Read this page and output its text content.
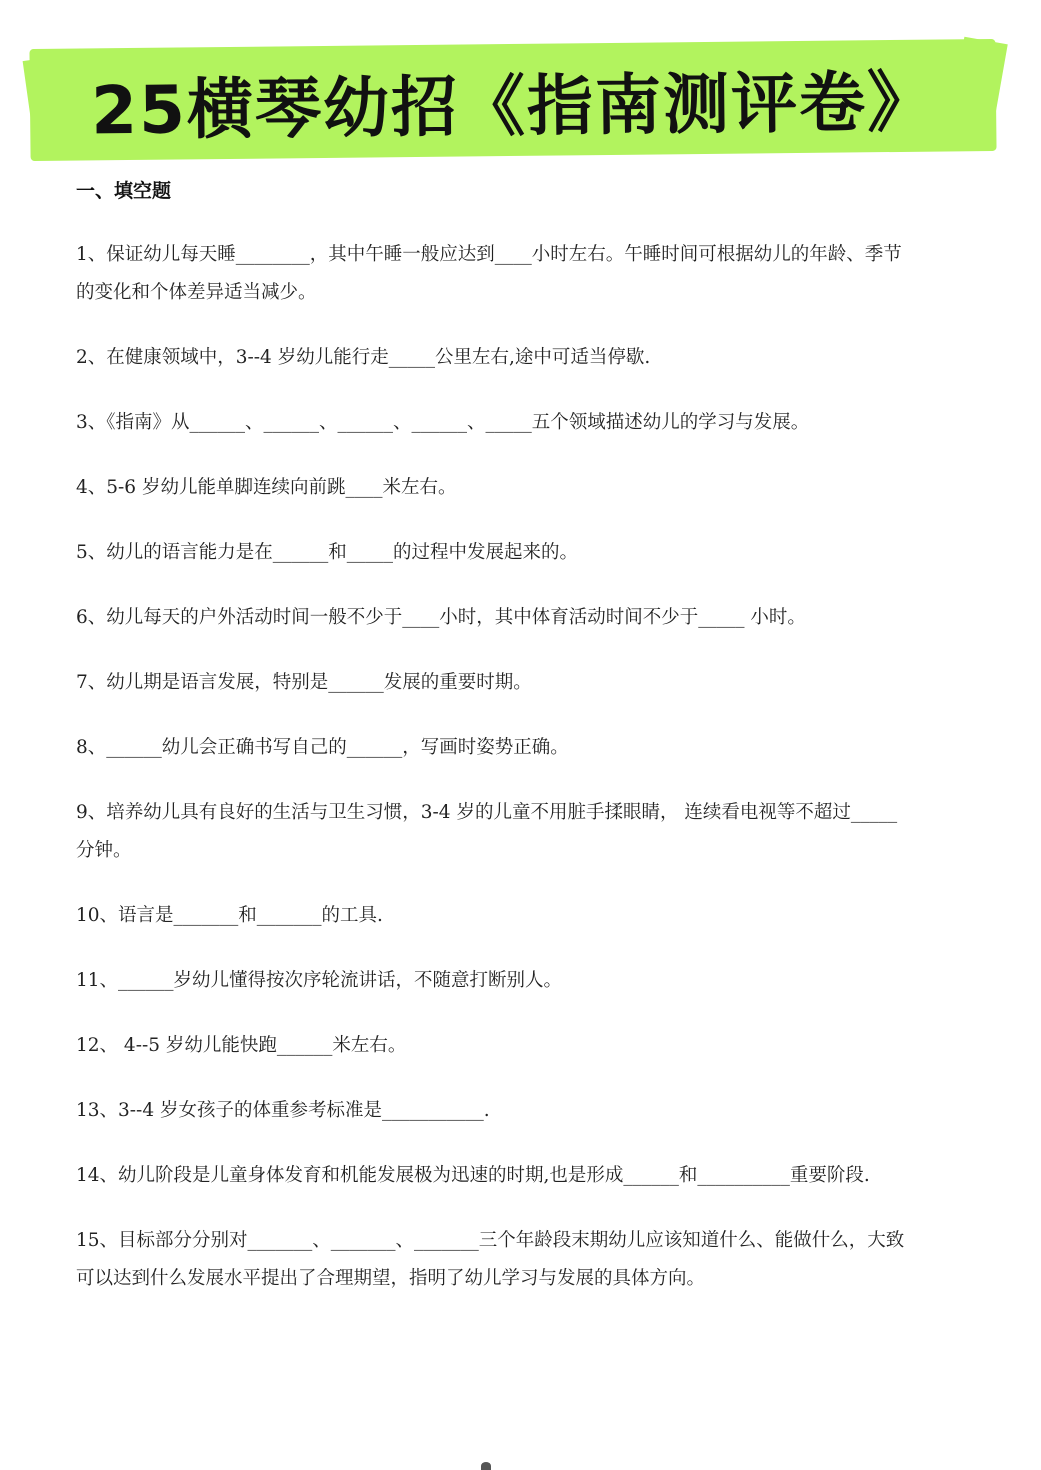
25横琴幼招《指南测评卷》
一、填空题
1、保证幼儿每天睡________，其中午睡一般应达到____小时左右。午睡时间可根据幼儿的年龄、季节的变化和个体差异适当减少。
2、在健康领域中，3--4 岁幼儿能行走_____公里左右,途中可适当停歇.
3、《指南》从______、______、______、______、_____五个领域描述幼儿的学习与发展。
4、5-6 岁幼儿能单脚连续向前跳____米左右。
5、幼儿的语言能力是在______和_____的过程中发展起来的。
6、幼儿每天的户外活动时间一般不少于____小时，其中体育活动时间不少于_____ 小时。
7、幼儿期是语言发展，特别是______发展的重要时期。
8、______幼儿会正确书写自己的______，写画时姿势正确。
9、培养幼儿具有良好的生活与卫生习惯，3-4 岁的儿童不用脏手揉眼睛， 连续看电视等不超过_____ 分钟。
10、语言是_______和_______的工具.
11、______岁幼儿懂得按次序轮流讲话，不随意打断别人。
12、 4--5 岁幼儿能快跑______米左右。
13、3--4 岁女孩子的体重参考标准是___________.
14、幼儿阶段是儿童身体发育和机能发展极为迅速的时期,也是形成______和__________重要阶段.
15、目标部分分别对_______、_______、_______三个年龄段末期幼儿应该知道什么、能做什么，大致可以达到什么发展水平提出了合理期望，指明了幼儿学习与发展的具体方向。
